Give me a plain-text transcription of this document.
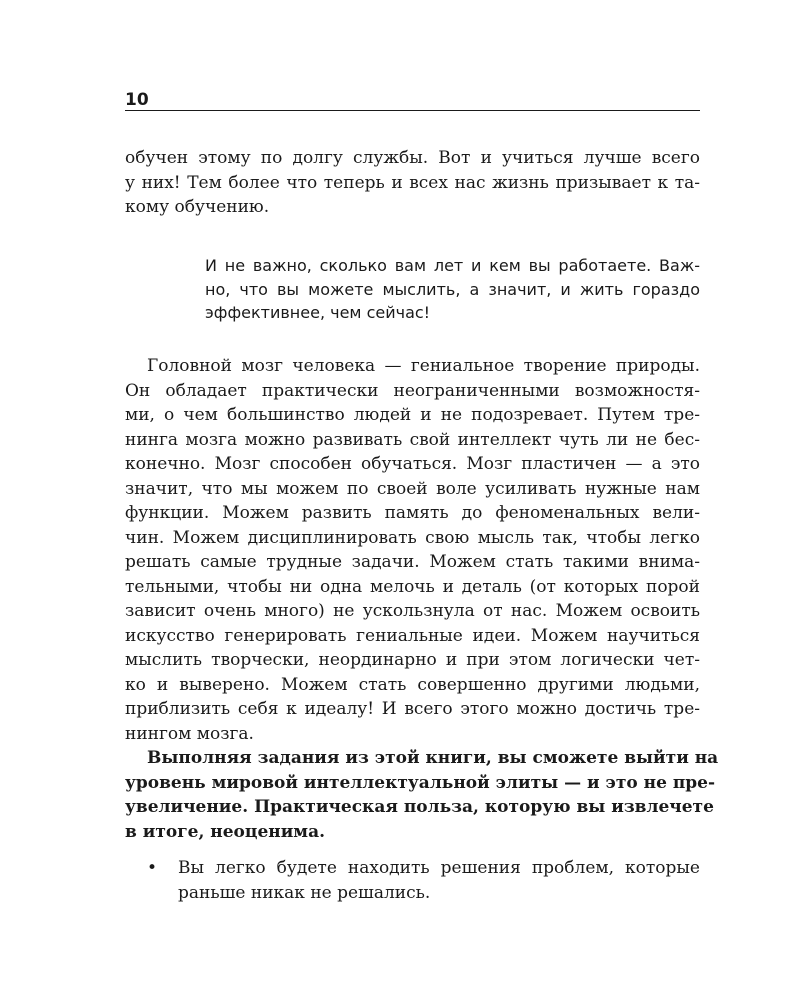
10

обучен этому по долгу службы. Вот и учиться лучше всего
у них! Тем более что теперь и всех нас жизнь призывает к та-
кому обучению.

И не важно, сколько вам лет и кем вы работаете. Важ-
но, что вы можете мыслить, а значит, и жить гораздо
эффективнее, чем сейчас!

Головной мозг человека — гениальное творение природы.
Он обладает практически неограниченными возможностя-
ми, о чем большинство людей и не подозревает. Путем тре-
нинга мозга можно развивать свой интеллект чуть ли не бес-
конечно. Мозг способен обучаться. Мозг пластичен — а это
значит, что мы можем по своей воле усиливать нужные нам
функции. Можем развить память до феноменальных вели-
чин. Можем дисциплинировать свою мысль так, чтобы легко
решать самые трудные задачи. Можем стать такими внима-
тельными, чтобы ни одна мелочь и деталь (от которых порой
зависит очень много) не ускользнула от нас. Можем освоить
искусство генерировать гениальные идеи. Можем научиться
мыслить творчески, неординарно и при этом логически чет-
ко и выверено. Можем стать совершенно другими людьми,
приблизить себя к идеалу! И всего этого можно достичь тре-
нингом мозга.

Выполняя задания из этой книги, вы сможете выйти на
уровень мировой интеллектуальной элиты — и это не пре-
увеличение. Практическая польза, которую вы извлечете
в итоге, неоценима.

• Вы легко будете находить решения проблем, которые
раньше никак не решались.
